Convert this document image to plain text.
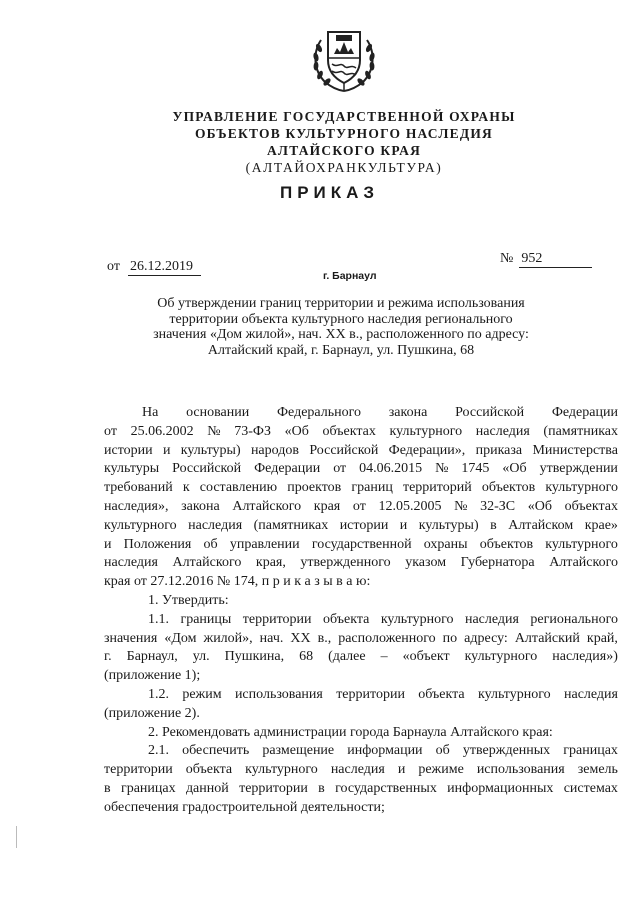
УПРАВЛЕНИЕ ГОСУДАРСТВЕННОЙ ОХРАНЫ
ОБЪЕКТОВ КУЛЬТУРНОГО НАСЛЕДИЯ
АЛТАЙСКОГО КРАЯ
(АЛТАЙОХРАНКУЛЬТУРА)
ПРИКАЗ
от 26.12.2019
№ 952
г. Барнаул
Об утверждении границ территории и режима использования
территории объекта культурного наследия регионального
значения «Дом жилой», нач. XX в., расположенного по адресу:
Алтайский край, г. Барнаул, ул. Пушкина, 68
На основании Федерального закона Российской Федерации
от 25.06.2002 № 73-ФЗ «Об объектах культурного наследия (памятниках
истории и культуры) народов Российской Федерации», приказа Министерства
культуры Российской Федерации от 04.06.2015 № 1745 «Об утверждении
требований к составлению проектов границ территорий объектов культурного
наследия», закона Алтайского края от 12.05.2005 № 32-ЗС «Об объектах
культурного наследия (памятниках истории и культуры) в Алтайском крае»
и Положения об управлении государственной охраны объектов культурного
наследия Алтайского края, утвержденного указом Губернатора Алтайского
края от 27.12.2016 № 174, п р и к а з ы в а ю:
1. Утвердить:
1.1. границы территории объекта культурного наследия регионального
значения «Дом жилой», нач. XX в., расположенного по адресу: Алтайский край,
г. Барнаул, ул. Пушкина, 68 (далее – «объект культурного наследия»)
(приложение 1);
1.2. режим использования территории объекта культурного наследия
(приложение 2).
2. Рекомендовать администрации города Барнаула Алтайского края:
2.1. обеспечить размещение информации об утвержденных границах
территории объекта культурного наследия и режиме использования земель
в границах данной территории в государственных информационных системах
обеспечения градостроительной деятельности;
